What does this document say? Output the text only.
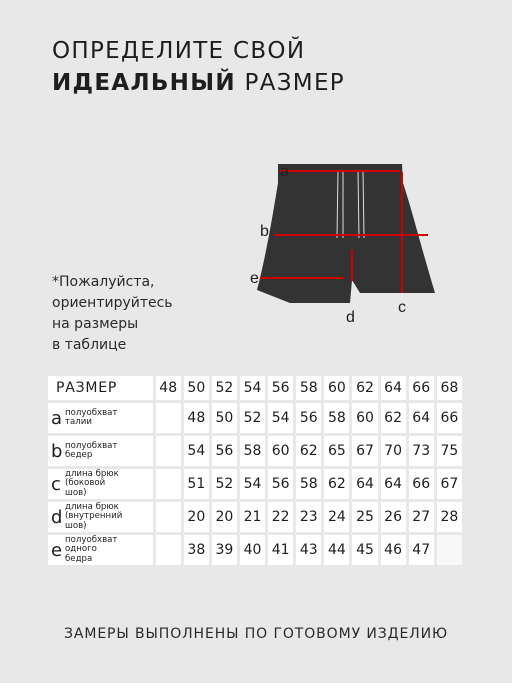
ОПРЕДЕЛИТЕ СВОЙ
ИДЕАЛЬНЫЙ РАЗМЕР
*Пожалуйста,
ориентируйтесь
на размеры
в таблице
a
b
c
d
e
РАЗМЕР	48	50	52	54	56	58	60	62	64	66	68

a полуобхват
талии		48	50	52	54	56	58	60	62	64	66

b полуобхват
бедер		54	56	58	60	62	65	67	70	73	75

c длина брюк
(боковой
шов)		51	52	54	56	58	62	64	64	66	67

d длина брюк
(внутренний
шов)		20	20	21	22	23	24	25	26	27	28

e полуобхват
одного
бедра		38	39	40	41	43	44	45	46	47	
ЗАМЕРЫ ВЫПОЛНЕНЫ ПО ГОТОВОМУ ИЗДЕЛИЮ
